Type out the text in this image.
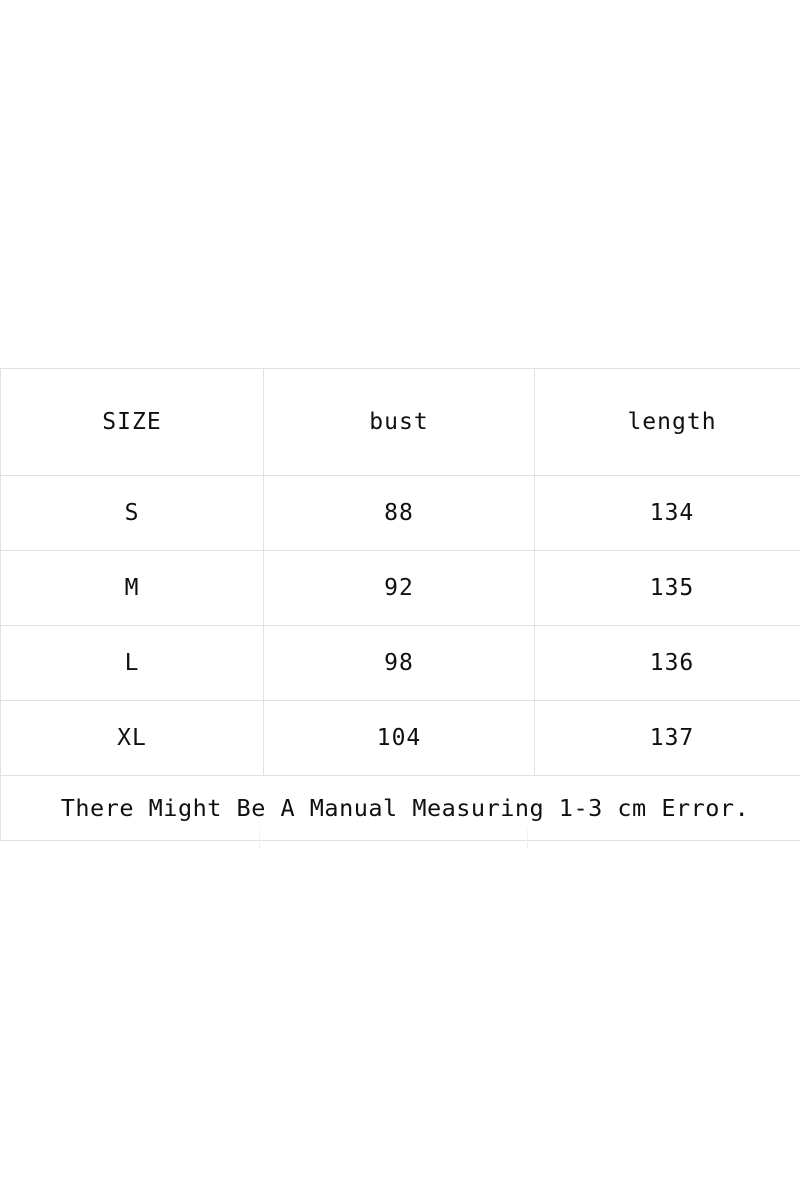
SIZE	bust	length
S	88	134
M	92	135
L	98	136
XL	104	137
There Might Be A Manual Measuring 1-3 cm Error.		
